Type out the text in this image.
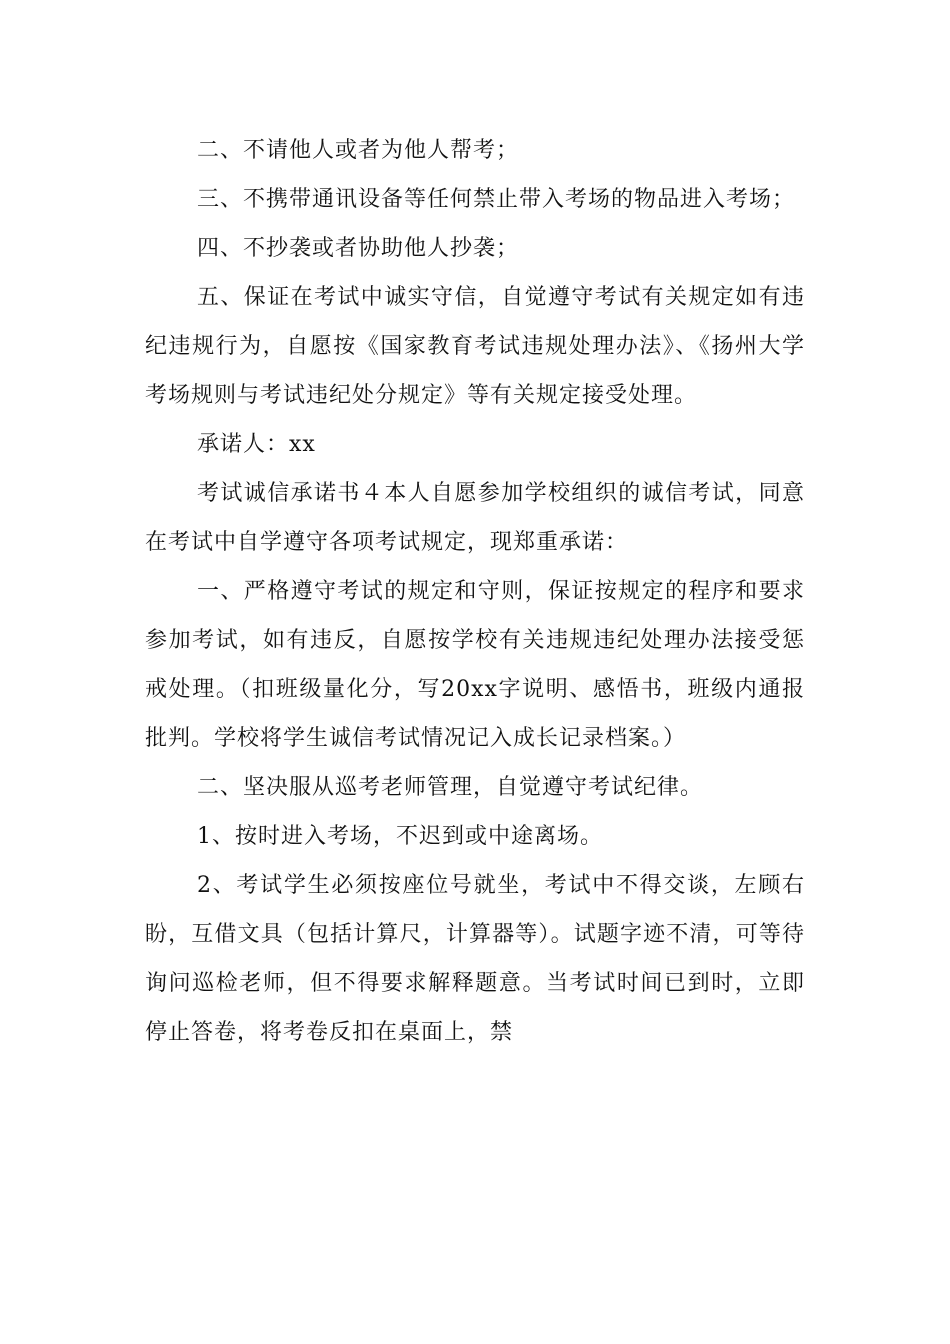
二、不请他人或者为他人帮考；

三、不携带通讯设备等任何禁止带入考场的物品进入考场；

四、不抄袭或者协助他人抄袭；

五、保证在考试中诚实守信，自觉遵守考试有关规定如有违纪违规行为，自愿按《国家教育考试违规处理办法》、《扬州大学考场规则与考试违纪处分规定》等有关规定接受处理。

承诺人：xx

考试诚信承诺书４本人自愿参加学校组织的诚信考试，同意在考试中自学遵守各项考试规定，现郑重承诺：

一、严格遵守考试的规定和守则，保证按规定的程序和要求参加考试，如有违反，自愿按学校有关违规违纪处理办法接受惩戒处理。（扣班级量化分，写20xx字说明、感悟书，班级内通报批判。学校将学生诚信考试情况记入成长记录档案。）

二、坚决服从巡考老师管理，自觉遵守考试纪律。

1、按时进入考场，不迟到或中途离场。

2、考试学生必须按座位号就坐，考试中不得交谈，左顾右盼，互借文具（包括计算尺，计算器等）。试题字迹不清，可等待询问巡检老师，但不得要求解释题意。当考试时间已到时，立即停止答卷，将考卷反扣在桌面上，禁
